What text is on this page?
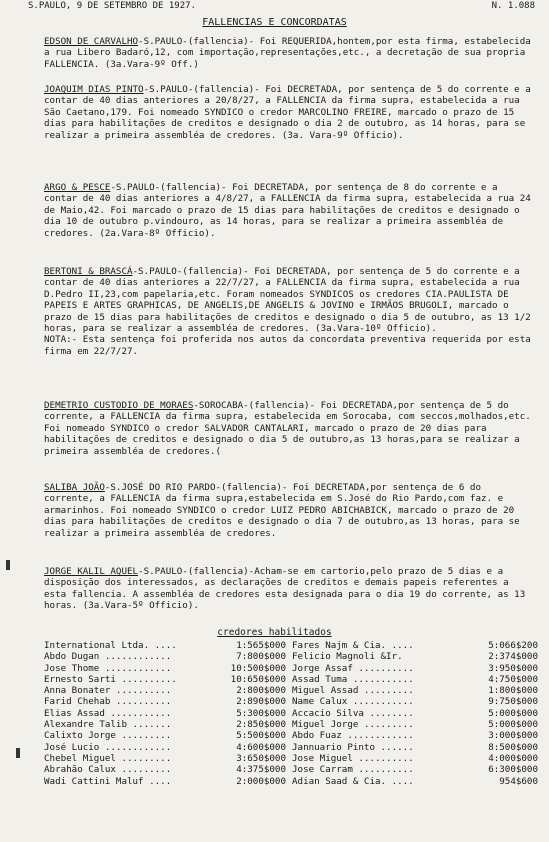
S.PAULO, 9 DE SETEMBRO DE 1927.	N. 1.088
FALLENCIAS E CONCORDATAS
EDSON DE CARVALHO-S.PAULO-(fallencia)- Foi REQUERIDA,hontem,por esta firma, estabelecida a rua Libero Badaró,12, com importação,representações,etc., a decretação de sua propria FALLENCIA. (3a.Vara-9º Off.)
JOAQUIM DIAS PINTO-S.PAULO-(fallencia)- Foi DECRETADA, por sentença de 5 do corrente e a contar de 40 dias anteriores a 20/8/27, a FALLENCIA da firma supra, estabelecida a rua São Caetano,179. Foi nomeado SYNDICO o credor MARCOLINO FREIRE, marcado o prazo de 15 dias para habilitações de creditos e designado o dia 2 de outubro, as 14 horas, para se realizar a primeira assembléa de credores. (3a. Vara-9º Officio).
ARGO & PESCE-S.PAULO-(fallencia)- Foi DECRETADA, por sentença de 8 do corrente e a contar de 40 dias anteriores a 4/8/27, a FALLENCIA da firma supra, estabelecida a rua 24 de Maio,42. Foi marcado o prazo de 15 dias para habilitações de creditos e designado o dia 10 de outubro p.vindouro, as 14 horas, para se realizar a primeira assembléa de credores. (2a.Vara-8º Officio).
BERTONI & BRASCÁ-S.PAULO-(fallencia)- Foi DECRETADA, por sentença de 5 do corrente e a contar de 40 dias anteriores a 22/7/27, a FALLENCIA da firma supra, estabelecida a rua D.Pedro II,23,com papelaria,etc. Foram nomeados SYNDICOS os credores CIA.PAULISTA DE PAPEIS E ARTES GRAPHICAS, DE ANGELIS,DE ANGELIS & JOVINO e IRMÃOS BRUGOLI, marcado o prazo de 15 dias para habilitações de creditos e designado o dia 5 de outubro, as 13 1/2 horas, para se realizar a assembléa de credores. (3a.Vara-10º Officio).
NOTA:- Esta sentença foi proferida nos autos da concordata preventiva requerida por esta firma em 22/7/27.
DEMETRIO CUSTODIO DE MORAES-SOROCABA-(fallencia)- Foi DECRETADA,por sentença de 5 do corrente, a FALLENCIA da firma supra, estabelecida em Sorocaba, com seccos,molhados,etc. Foi nomeado SYNDICO o credor SALVADOR CANTALARI, marcado o prazo de 20 dias para habilitações de creditos e designado o dia 5 de outubro,as 13 horas,para se realizar a primeira assembléa de credores.(
SALIBA JOÃO-S.JOSÉ DO RIO PARDO-(fallencia)- Foi DECRETADA,por sentença de 6 do corrente, a FALLENCIA da firma supra,estabelecida em S.José do Rio Pardo,com faz. e armarinhos. Foi nomeado SYNDICO o credor LUIZ PEDRO ABICHABICK, marcado o prazo de 20 dias para habilitações de creditos e designado o dia 7 de outubro,as 13 horas, para se realizar a primeira assembléa de credores.
JORGE KALIL AQUEL-S.PAULO-(fallencia)-Acham-se em cartorio,pelo prazo de 5 dias e a disposição dos interessados, as declarações de creditos e demais papeis referentes a esta fallencia. A assembléa de credores esta designada para o dia 19 do corrente, as 13 horas. (3a.Vara-5º Officio).
credores habilitados
International Ltda. ....	1:565$000	Fares Najm & Cia. ....	5:066$200
Abdo Dugan ............	7:800$000	Felicio Magnoli &Ir.	2:374$000
Jose Thome ............	10:500$000	Jorge Assaf ..........	3:950$000
Ernesto Sarti ..........	10:650$000	Assad Tuma ...........	4:750$000
Anna Bonater ..........	2:800$000	Miguel Assad .........	1:800$000
Farid Chehab ..........	2:890$000	Name Calux ...........	9:750$000
Elias Assad ...........	5:300$000	Accacio Silva ........	5:000$000
Alexandre Talib .......	2:850$000	Miguel Jorge .........	5:000$000
Calixto Jorge .........	5:500$000	Abdo Fuaz ............	3:000$000
José Lucio ............	4:600$000	Jannuario Pinto ......	8:500$000
Chebel Miguel .........	3:650$000	Jose Miguel ..........	4:000$000
Abrahão Calux .........	4:375$000	Jose Carram ..........	6:300$000
Wadi Cattini Maluf ....	2:000$000	Adian Saad & Cia. ....	954$600
